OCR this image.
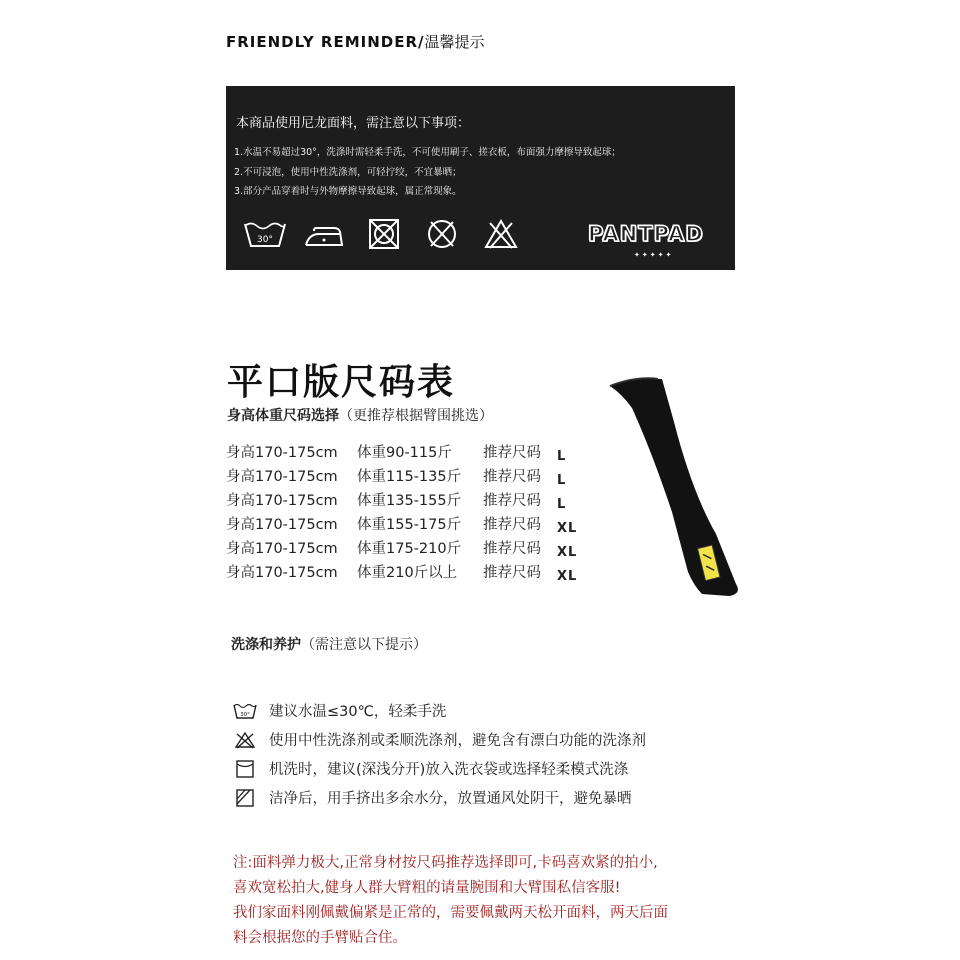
FRIENDLY REMINDER/温馨提示
本商品使用尼龙面料，需注意以下事项：
1.水温不易超过30°，洗涤时需轻柔手洗，不可使用刷子、搓衣板，布面强力摩擦导致起球；
2.不可浸泡，使用中性洗涤剂，可轻拧绞，不宜暴晒；
3.部分产品穿着时与外物摩擦导致起球，属正常现象。
30°	PANTPAD
✦✦✦✦✦
平口版尺码表
身高体重尺码选择（更推荐根据臂围挑选）
身高170-175cm	体重90-115斤	推荐尺码	L
身高170-175cm	体重115-135斤	推荐尺码	L
身高170-175cm	体重135-155斤	推荐尺码	L
身高170-175cm	体重155-175斤	推荐尺码	XL
身高170-175cm	体重175-210斤	推荐尺码	XL
身高170-175cm	体重210斤以上	推荐尺码	XL
洗涤和养护（需注意以下提示）
30° 建议水温≤30℃，轻柔手洗
使用中性洗涤剂或柔顺洗涤剂，避免含有漂白功能的洗涤剂
机洗时，建议(深浅分开)放入洗衣袋或选择轻柔模式洗涤
洁净后，用手挤出多余水分，放置通风处阴干，避免暴晒
注:面料弹力极大,正常身材按尺码推荐选择即可,卡码喜欢紧的拍小,
喜欢宽松拍大,健身人群大臂粗的请量腕围和大臂围私信客服!
我们家面料刚佩戴偏紧是正常的，需要佩戴两天松开面料，两天后面
料会根据您的手臂贴合住。
